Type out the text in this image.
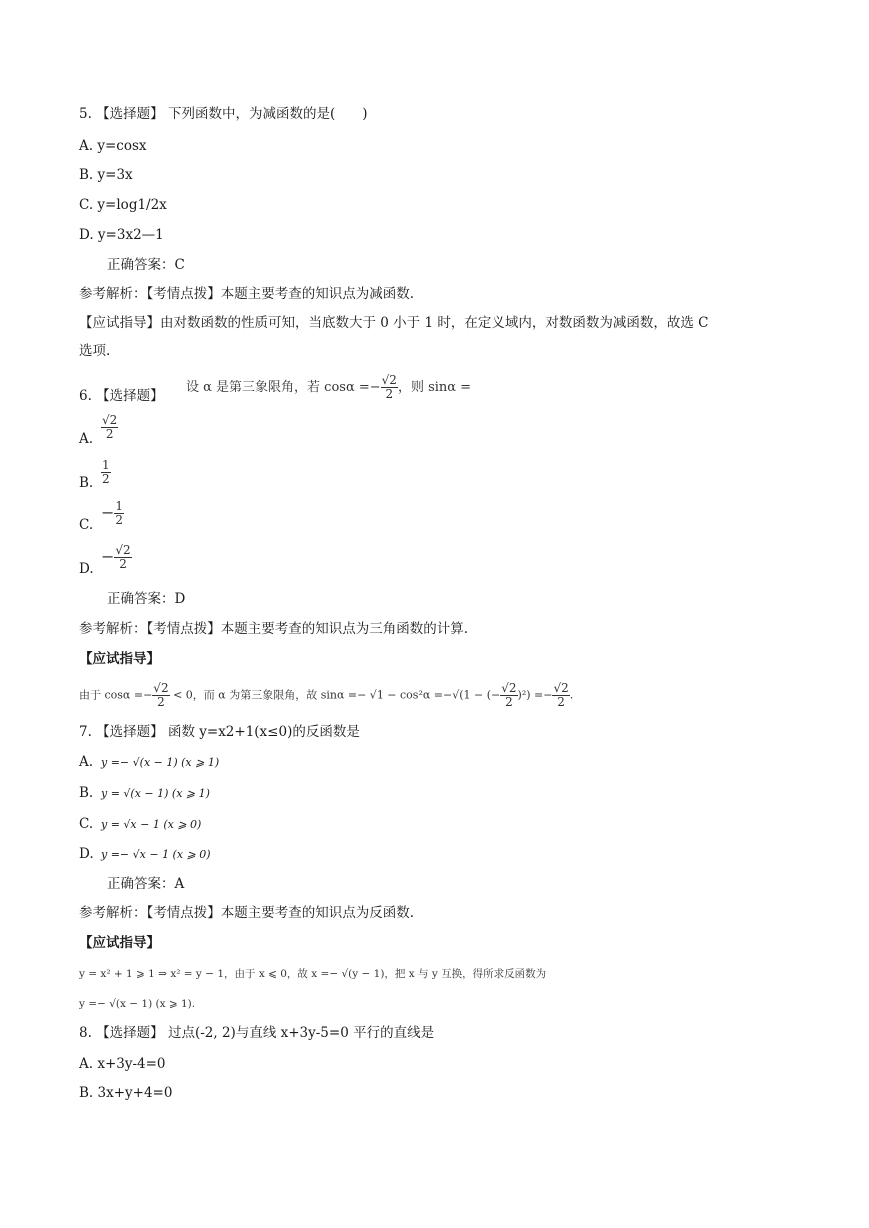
5. 【选择题】 下列函数中，为减函数的是(　　)
A. y=cosx
B. y=3x
C. y=log1/2x
D. y=3x2—1
正确答案：C
参考解析：【考情点拨】本题主要考查的知识点为减函数.
【应试指导】由对数函数的性质可知，当底数大于 0 小于 1 时，在定义域内，对数函数为减函数，故选 C
选项.
6. 【选择题】
设 α 是第三象限角，若 $\cos\alpha =- \frac{√2}{2}$ ，则 sinα =
A. $\frac{√2}{2}$
B. $\frac{1}{2}$
C.
− $\frac{1}{2}$
D.
− $\frac{√2}{2}$
正确答案：D
参考解析：【考情点拨】本题主要考查的知识点为三角函数的计算.
【应试指导】
由于 $\cos\alpha =- \frac{√2}{2} < 0$，而 α 为第三象限角，故 sinα =− √1 − cos²α =−√(1 − (− $\frac{√2}{2} )^2) =- \frac{√2}{2}$ .
7. 【选择题】 函数 y=x2+1(x≤0)的反函数是
A. y =− √(x − 1) (x ⩾ 1)
B. y = √(x − 1) (x ⩾ 1)
C. y = √x − 1 (x ⩾ 0)
D. y =− √x − 1 (x ⩾ 0)
正确答案：A
参考解析：【考情点拨】本题主要考查的知识点为反函数.
【应试指导】
y = x² + 1 ⩾ 1 ⇒ x² = y − 1，由于 x ⩽ 0，故 x =− √(y − 1)，把 x 与 y 互换，得所求反函数为
y =− √(x − 1) (x ⩾ 1).
8. 【选择题】 过点(-2, 2)与直线 x+3y-5=0 平行的直线是
A. x+3y-4=0
B. 3x+y+4=0
